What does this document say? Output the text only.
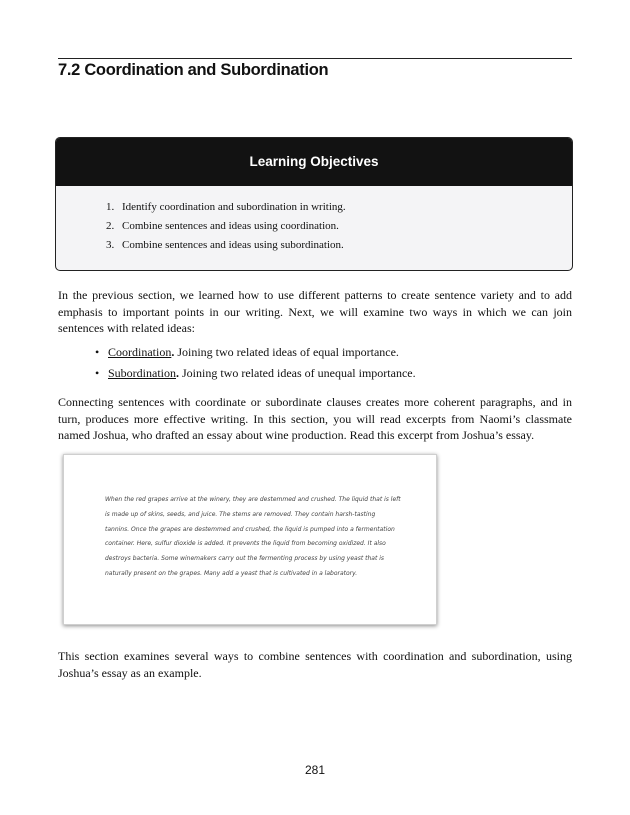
7.2 Coordination and Subordination
Learning Objectives
1. Identify coordination and subordination in writing.
2. Combine sentences and ideas using coordination.
3. Combine sentences and ideas using subordination.

In the previous section, we learned how to use different patterns to create sentence variety and to add emphasis to important points in our writing. Next, we will examine two ways in which we can join sentences with related ideas:

• Coordination. Joining two related ideas of equal importance.
• Subordination. Joining two related ideas of unequal importance.

Connecting sentences with coordinate or subordinate clauses creates more coherent paragraphs, and in turn, produces more effective writing. In this section, you will read excerpts from Naomi’s classmate named Joshua, who drafted an essay about wine production. Read this excerpt from Joshua’s essay.

When the red grapes arrive at the winery, they are destemmed and crushed. The liquid that is left is made up of skins, seeds, and juice. The stems are removed. They contain harsh-tasting tannins. Once the grapes are destemmed and crushed, the liquid is pumped into a fermentation container. Here, sulfur dioxide is added. It prevents the liquid from becoming oxidized. It also destroys bacteria. Some winemakers carry out the fermenting process by using yeast that is naturally present on the grapes. Many add a yeast that is cultivated in a laboratory.

This section examines several ways to combine sentences with coordination and subordination, using Joshua’s essay as an example.

281
